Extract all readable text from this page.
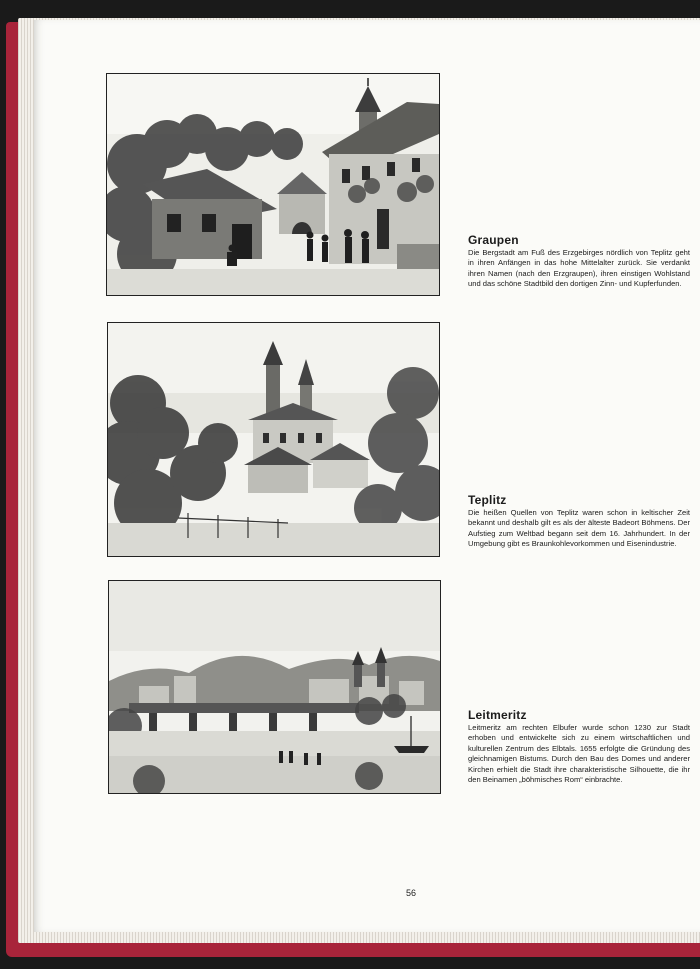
Graupen

Die Bergstadt am Fuß des Erzgebirges nördlich von Teplitz geht in ihren Anfängen in das hohe Mittelalter zurück. Sie verdankt ihren Namen (nach den Erzgraupen), ihren einstigen Wohlstand und das schöne Stadtbild den dortigen Zinn- und Kupferfunden.

Teplitz

Die heißen Quellen von Teplitz waren schon in keltischer Zeit bekannt und deshalb gilt es als der älteste Badeort Böhmens. Der Aufstieg zum Weltbad begann seit dem 16. Jahrhundert. In der Umgebung gibt es Braunkohlevorkommen und Eisenindustrie.

Leitmeritz

Leitmeritz am rechten Elbufer wurde schon 1230 zur Stadt erhoben und entwickelte sich zu einem wirtschaftlichen und kulturellen Zentrum des Elbtals. 1655 erfolgte die Gründung des gleichnamigen Bistums. Durch den Bau des Domes und anderer Kirchen erhielt die Stadt ihre charakteristische Silhouette, die ihr den Beinamen „böhmisches Rom“ einbrachte.

56
